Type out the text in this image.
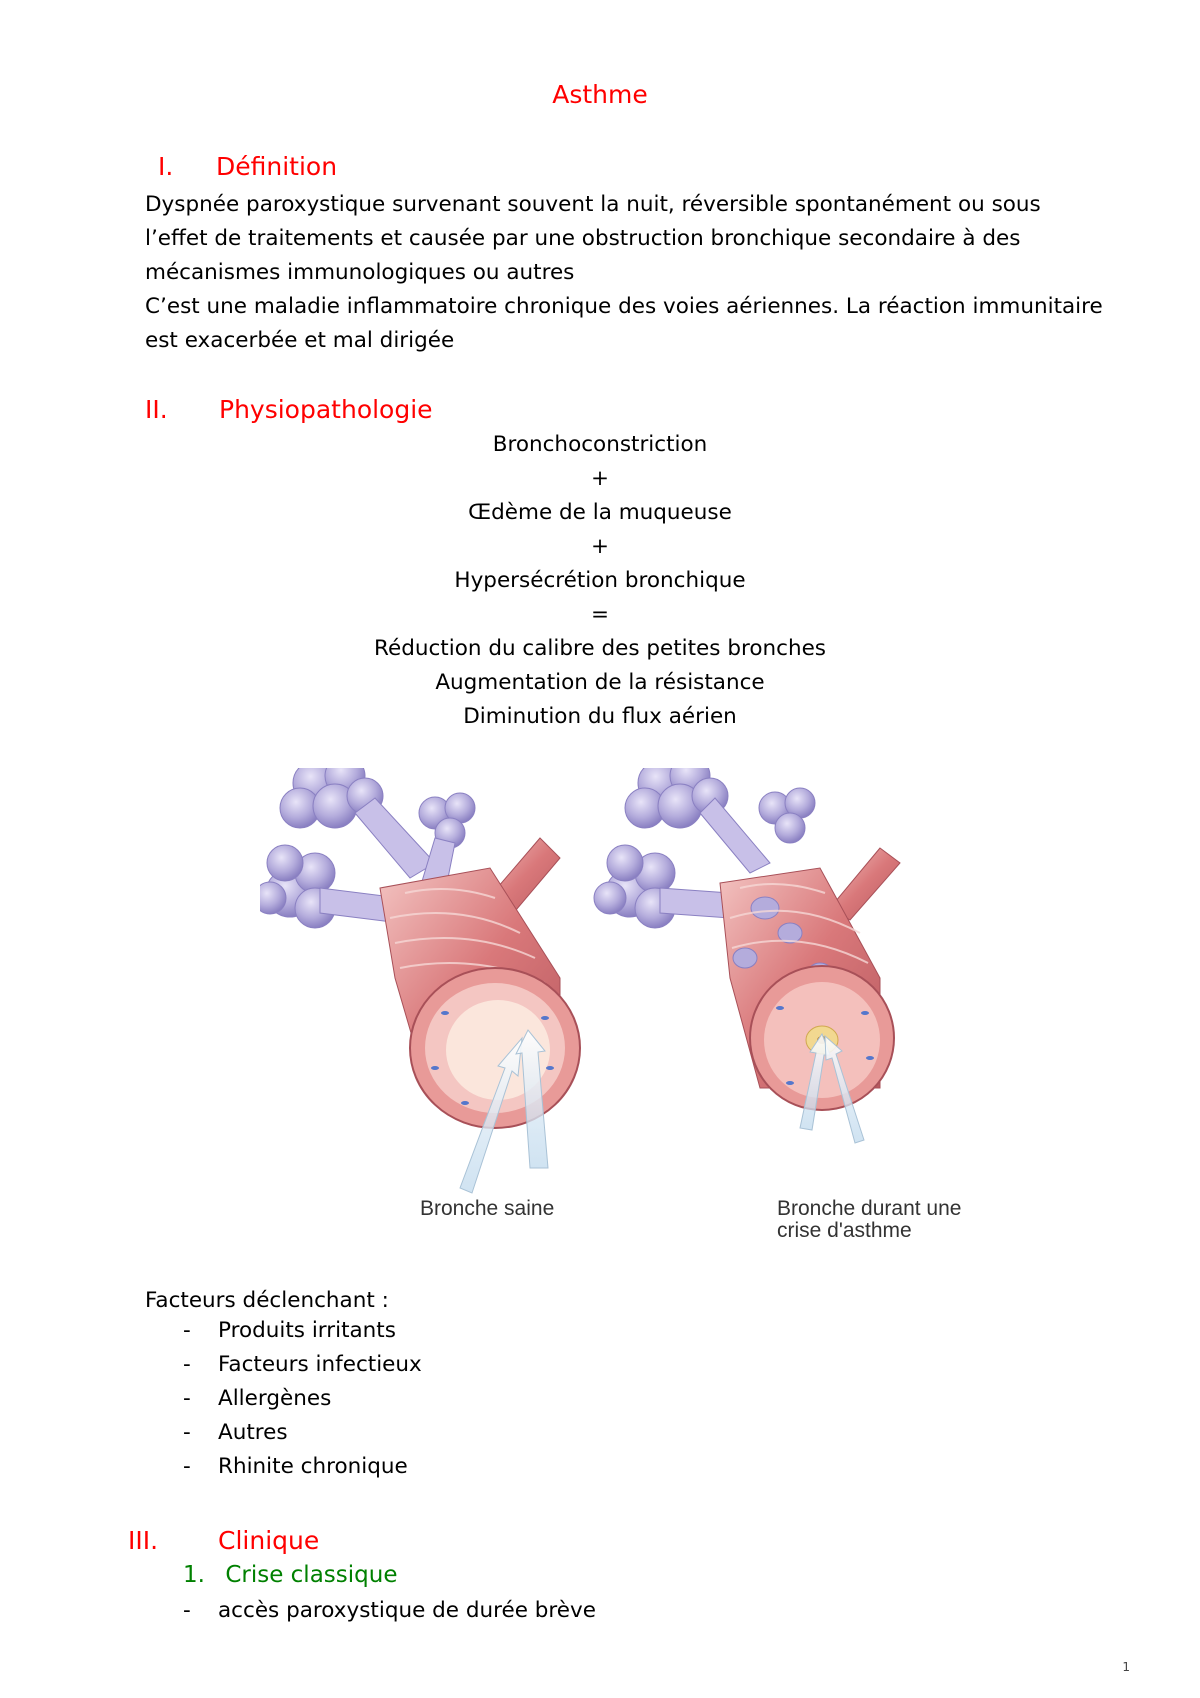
Asthme
I.	Définition
Dyspnée paroxystique survenant souvent la nuit, réversible spontanément ou sous
l’effet de traitements et causée par une obstruction bronchique secondaire à des
mécanismes immunologiques ou autres
C’est une maladie inflammatoire chronique des voies aériennes. La réaction immunitaire
est exacerbée et mal dirigée
II.	Physiopathologie
Bronchoconstriction
+
Œdème de la muqueuse
+
Hypersécrétion bronchique
=
Réduction du calibre des petites bronches
Augmentation de la résistance
Diminution du flux aérien
Bronche saine	Bronche durant une
crise d'asthme
Facteurs déclenchant :
- Produits irritants
- Facteurs infectieux
- Allergènes
- Autres
- Rhinite chronique
III.	Clinique
1. Crise classique
- accès paroxystique de durée brève
1
